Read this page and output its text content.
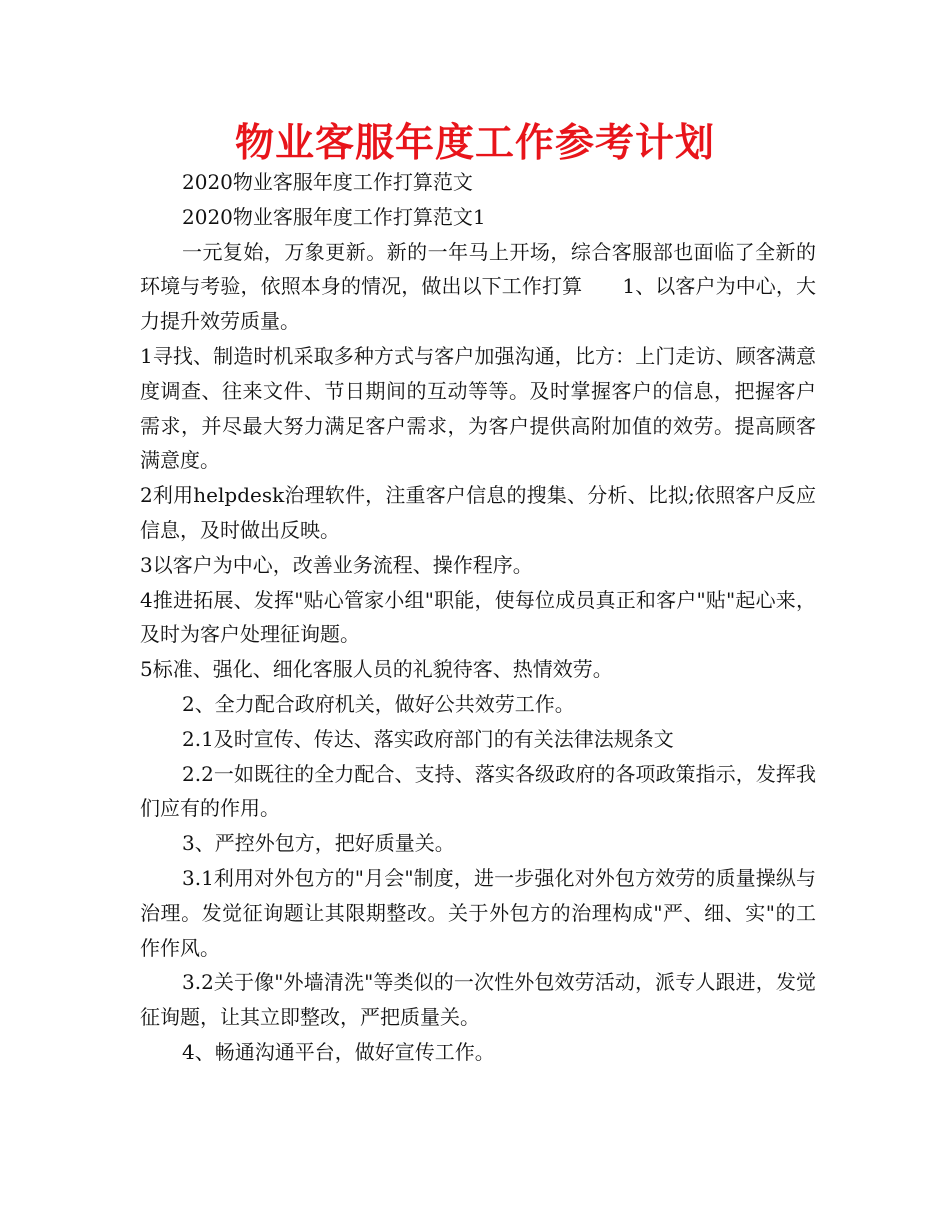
物业客服年度工作参考计划

2020物业客服年度工作打算范文

2020物业客服年度工作打算范文1

一元复始，万象更新。新的一年马上开场，综合客服部也面临了全新的环境与考验，依照本身的情况，做出以下工作打算　　1、以客户为中心，大力提升效劳质量。

1寻找、制造时机采取多种方式与客户加强沟通，比方：上门走访、顾客满意度调查、往来文件、节日期间的互动等等。及时掌握客户的信息，把握客户需求，并尽最大努力满足客户需求，为客户提供高附加值的效劳。提高顾客满意度。

2利用helpdesk治理软件，注重客户信息的搜集、分析、比拟;依照客户反应信息，及时做出反映。

3以客户为中心，改善业务流程、操作程序。

4推进拓展、发挥"贴心管家小组"职能，使每位成员真正和客户"贴"起心来，及时为客户处理征询题。

5标准、强化、细化客服人员的礼貌待客、热情效劳。

2、全力配合政府机关，做好公共效劳工作。

2.1及时宣传、传达、落实政府部门的有关法律法规条文

2.2一如既往的全力配合、支持、落实各级政府的各项政策指示，发挥我们应有的作用。

3、严控外包方，把好质量关。

3.1利用对外包方的"月会"制度，进一步强化对外包方效劳的质量操纵与治理。发觉征询题让其限期整改。关于外包方的治理构成"严、细、实"的工作作风。

3.2关于像"外墙清洗"等类似的一次性外包效劳活动，派专人跟进，发觉征询题，让其立即整改，严把质量关。

4、畅通沟通平台，做好宣传工作。
